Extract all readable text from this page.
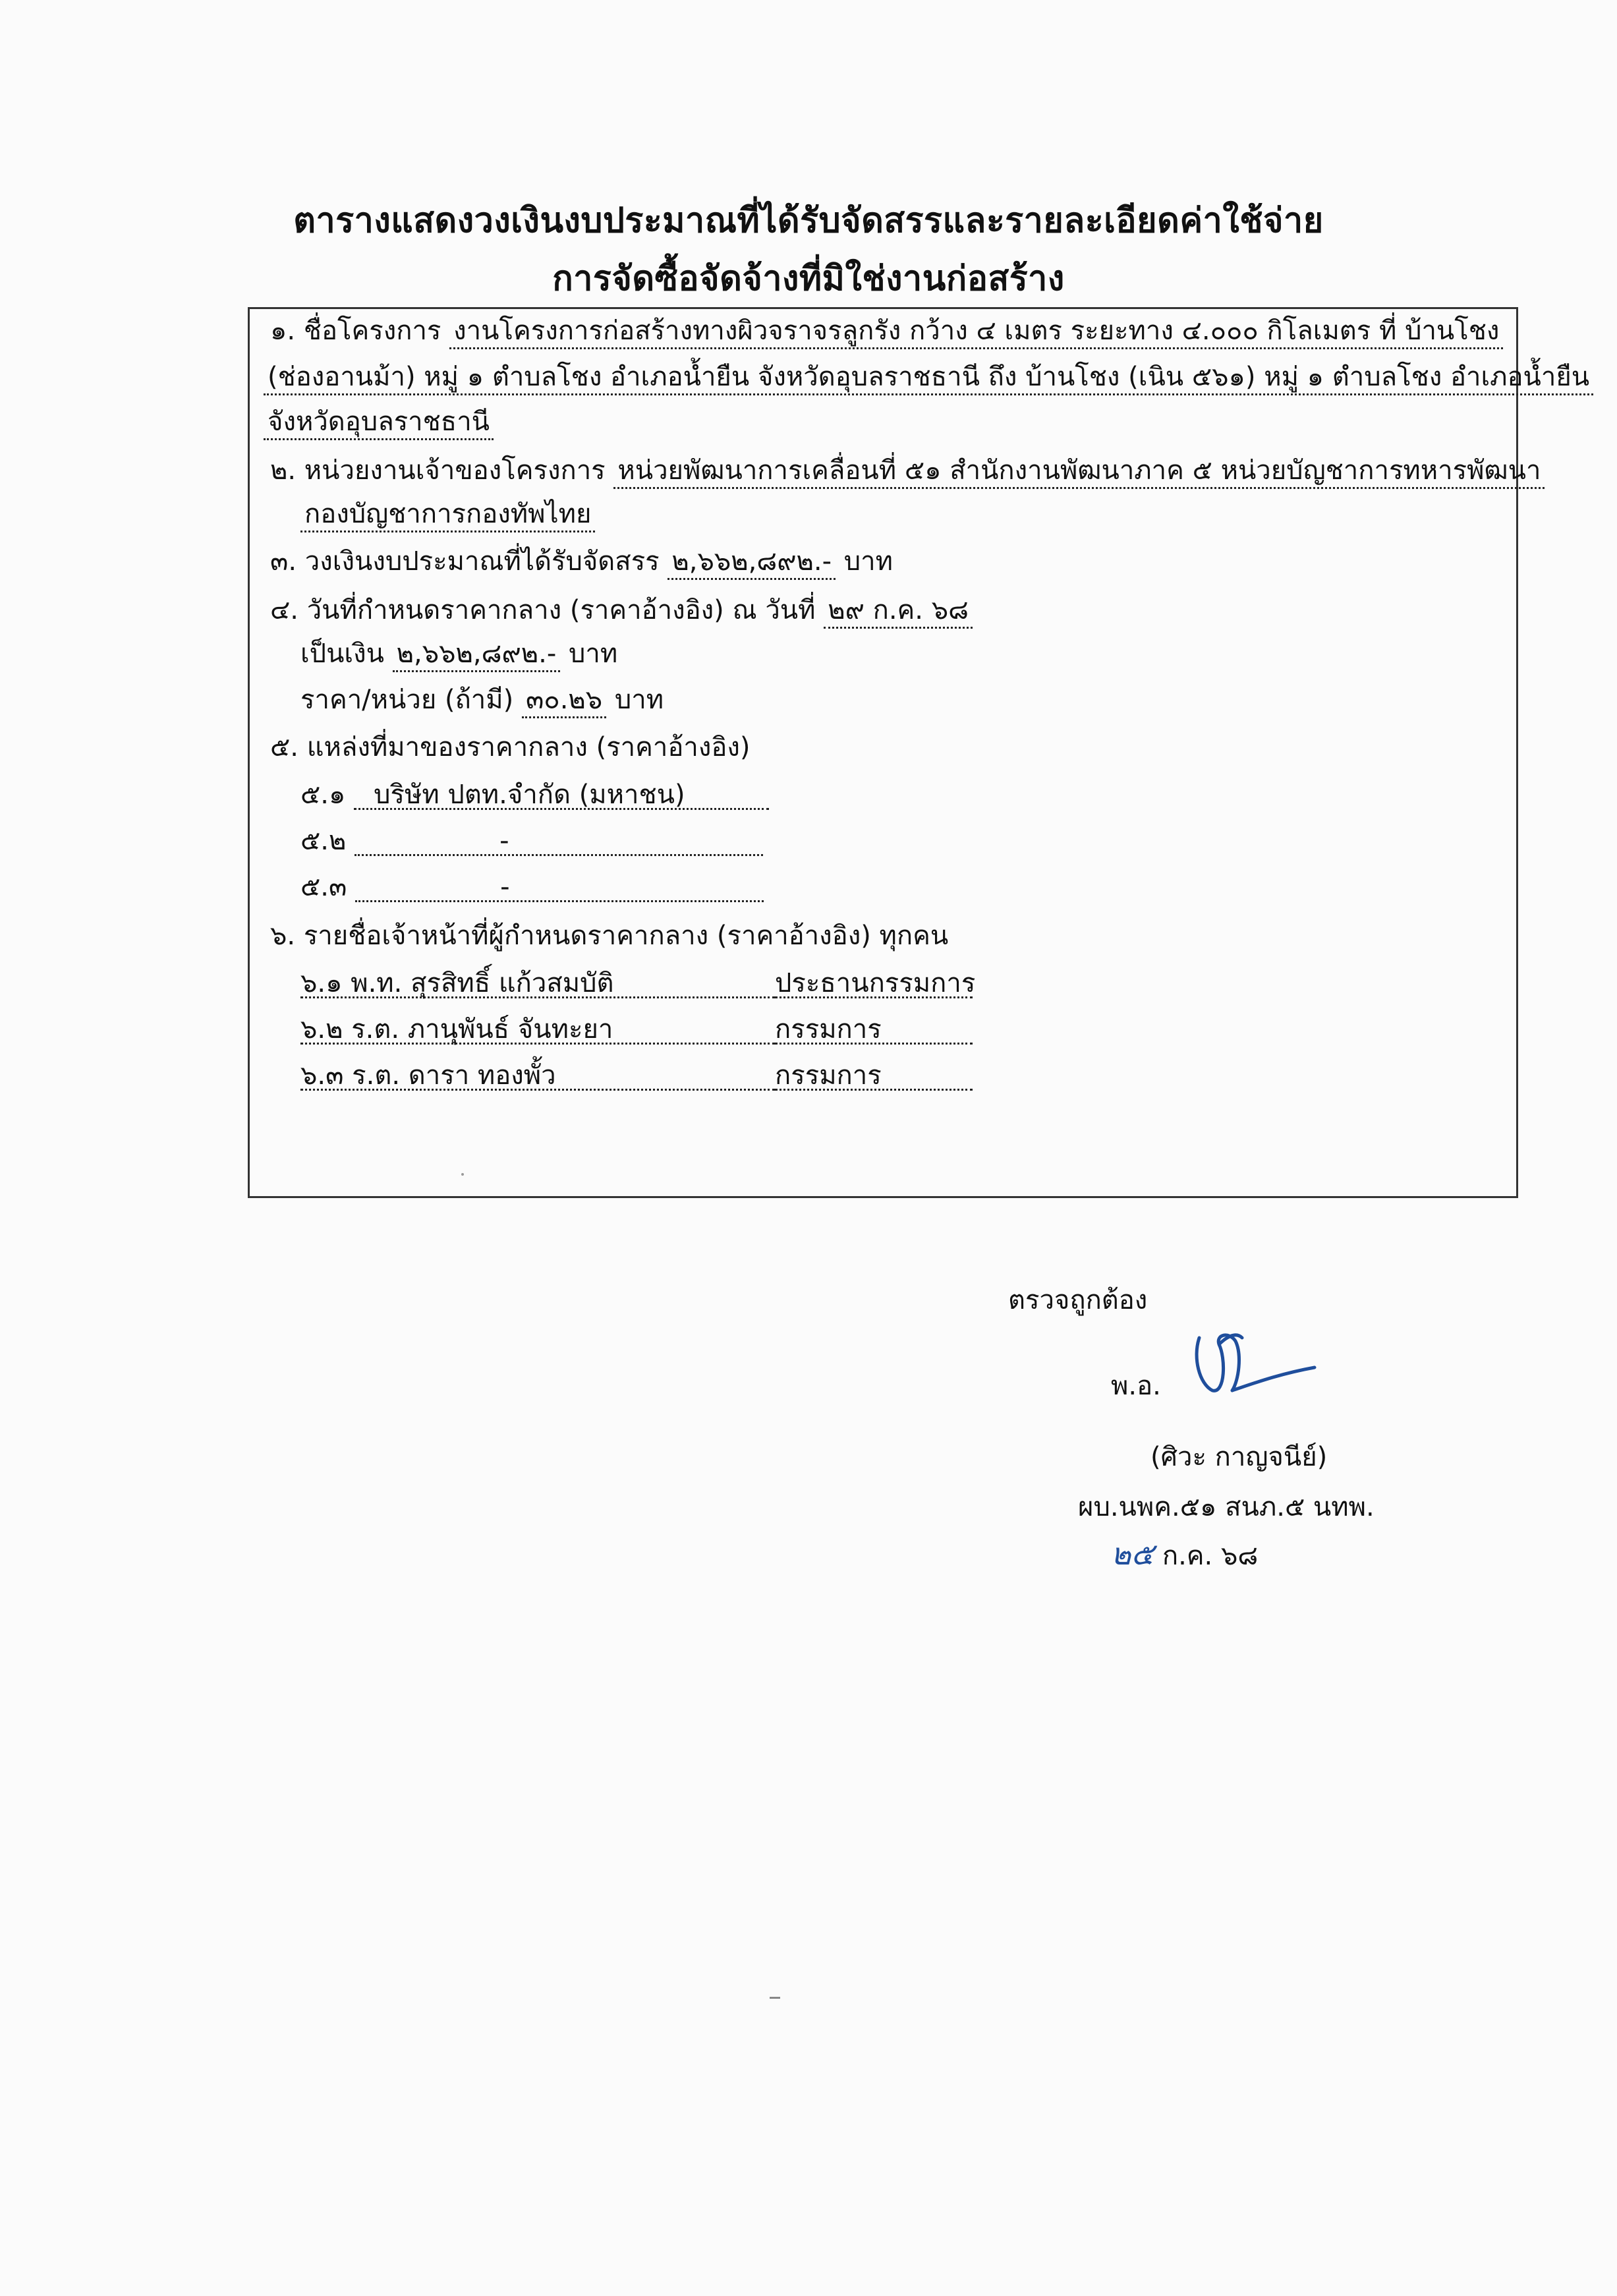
ตารางแสดงวงเงินงบประมาณที่ได้รับจัดสรรและรายละเอียดค่าใช้จ่าย
การจัดซื้อจัดจ้างที่มิใช่งานก่อสร้าง
๑. ชื่อโครงการ งานโครงการก่อสร้างทางผิวจราจรลูกรัง กว้าง ๔ เมตร ระยะทาง ๔.๐๐๐ กิโลเมตร ที่ บ้านโชง
(ช่องอานม้า) หมู่ ๑ ตำบลโชง อำเภอน้ำยืน จังหวัดอุบลราชธานี ถึง บ้านโชง (เนิน ๕๖๑) หมู่ ๑ ตำบลโชง อำเภอน้ำยืน
จังหวัดอุบลราชธานี
๒. หน่วยงานเจ้าของโครงการ หน่วยพัฒนาการเคลื่อนที่ ๕๑ สำนักงานพัฒนาภาค ๕ หน่วยบัญชาการทหารพัฒนา
กองบัญชาการกองทัพไทย
๓. วงเงินงบประมาณที่ได้รับจัดสรร ๒,๖๖๒,๘๙๒.- บาท
๔. วันที่กำหนดราคากลาง (ราคาอ้างอิง) ณ วันที่ ๒๙ ก.ค. ๖๘
เป็นเงิน ๒,๖๖๒,๘๙๒.- บาท
ราคา/หน่วย (ถ้ามี) ๓๐.๒๖ บาท
๕. แหล่งที่มาของราคากลาง (ราคาอ้างอิง)
๕.๑ บริษัท ปตท.จำกัด (มหาชน)
๕.๒	-
๕.๓	-
๖. รายชื่อเจ้าหน้าที่ผู้กำหนดราคากลาง (ราคาอ้างอิง) ทุกคน
๖.๑ พ.ท. สุรสิทธิ์ แก้วสมบัติ	ประธานกรรมการ
๖.๒ ร.ต. ภานุพันธ์ จันทะยา	กรรมการ
๖.๓ ร.ต. ดารา ทองพั้ว	กรรมการ
ตรวจถูกต้อง
พ.อ.
(ศิวะ กาญจนีย์)
ผบ.นพค.๕๑ สนภ.๕ นทพ.
๒๕ ก.ค. ๖๘
